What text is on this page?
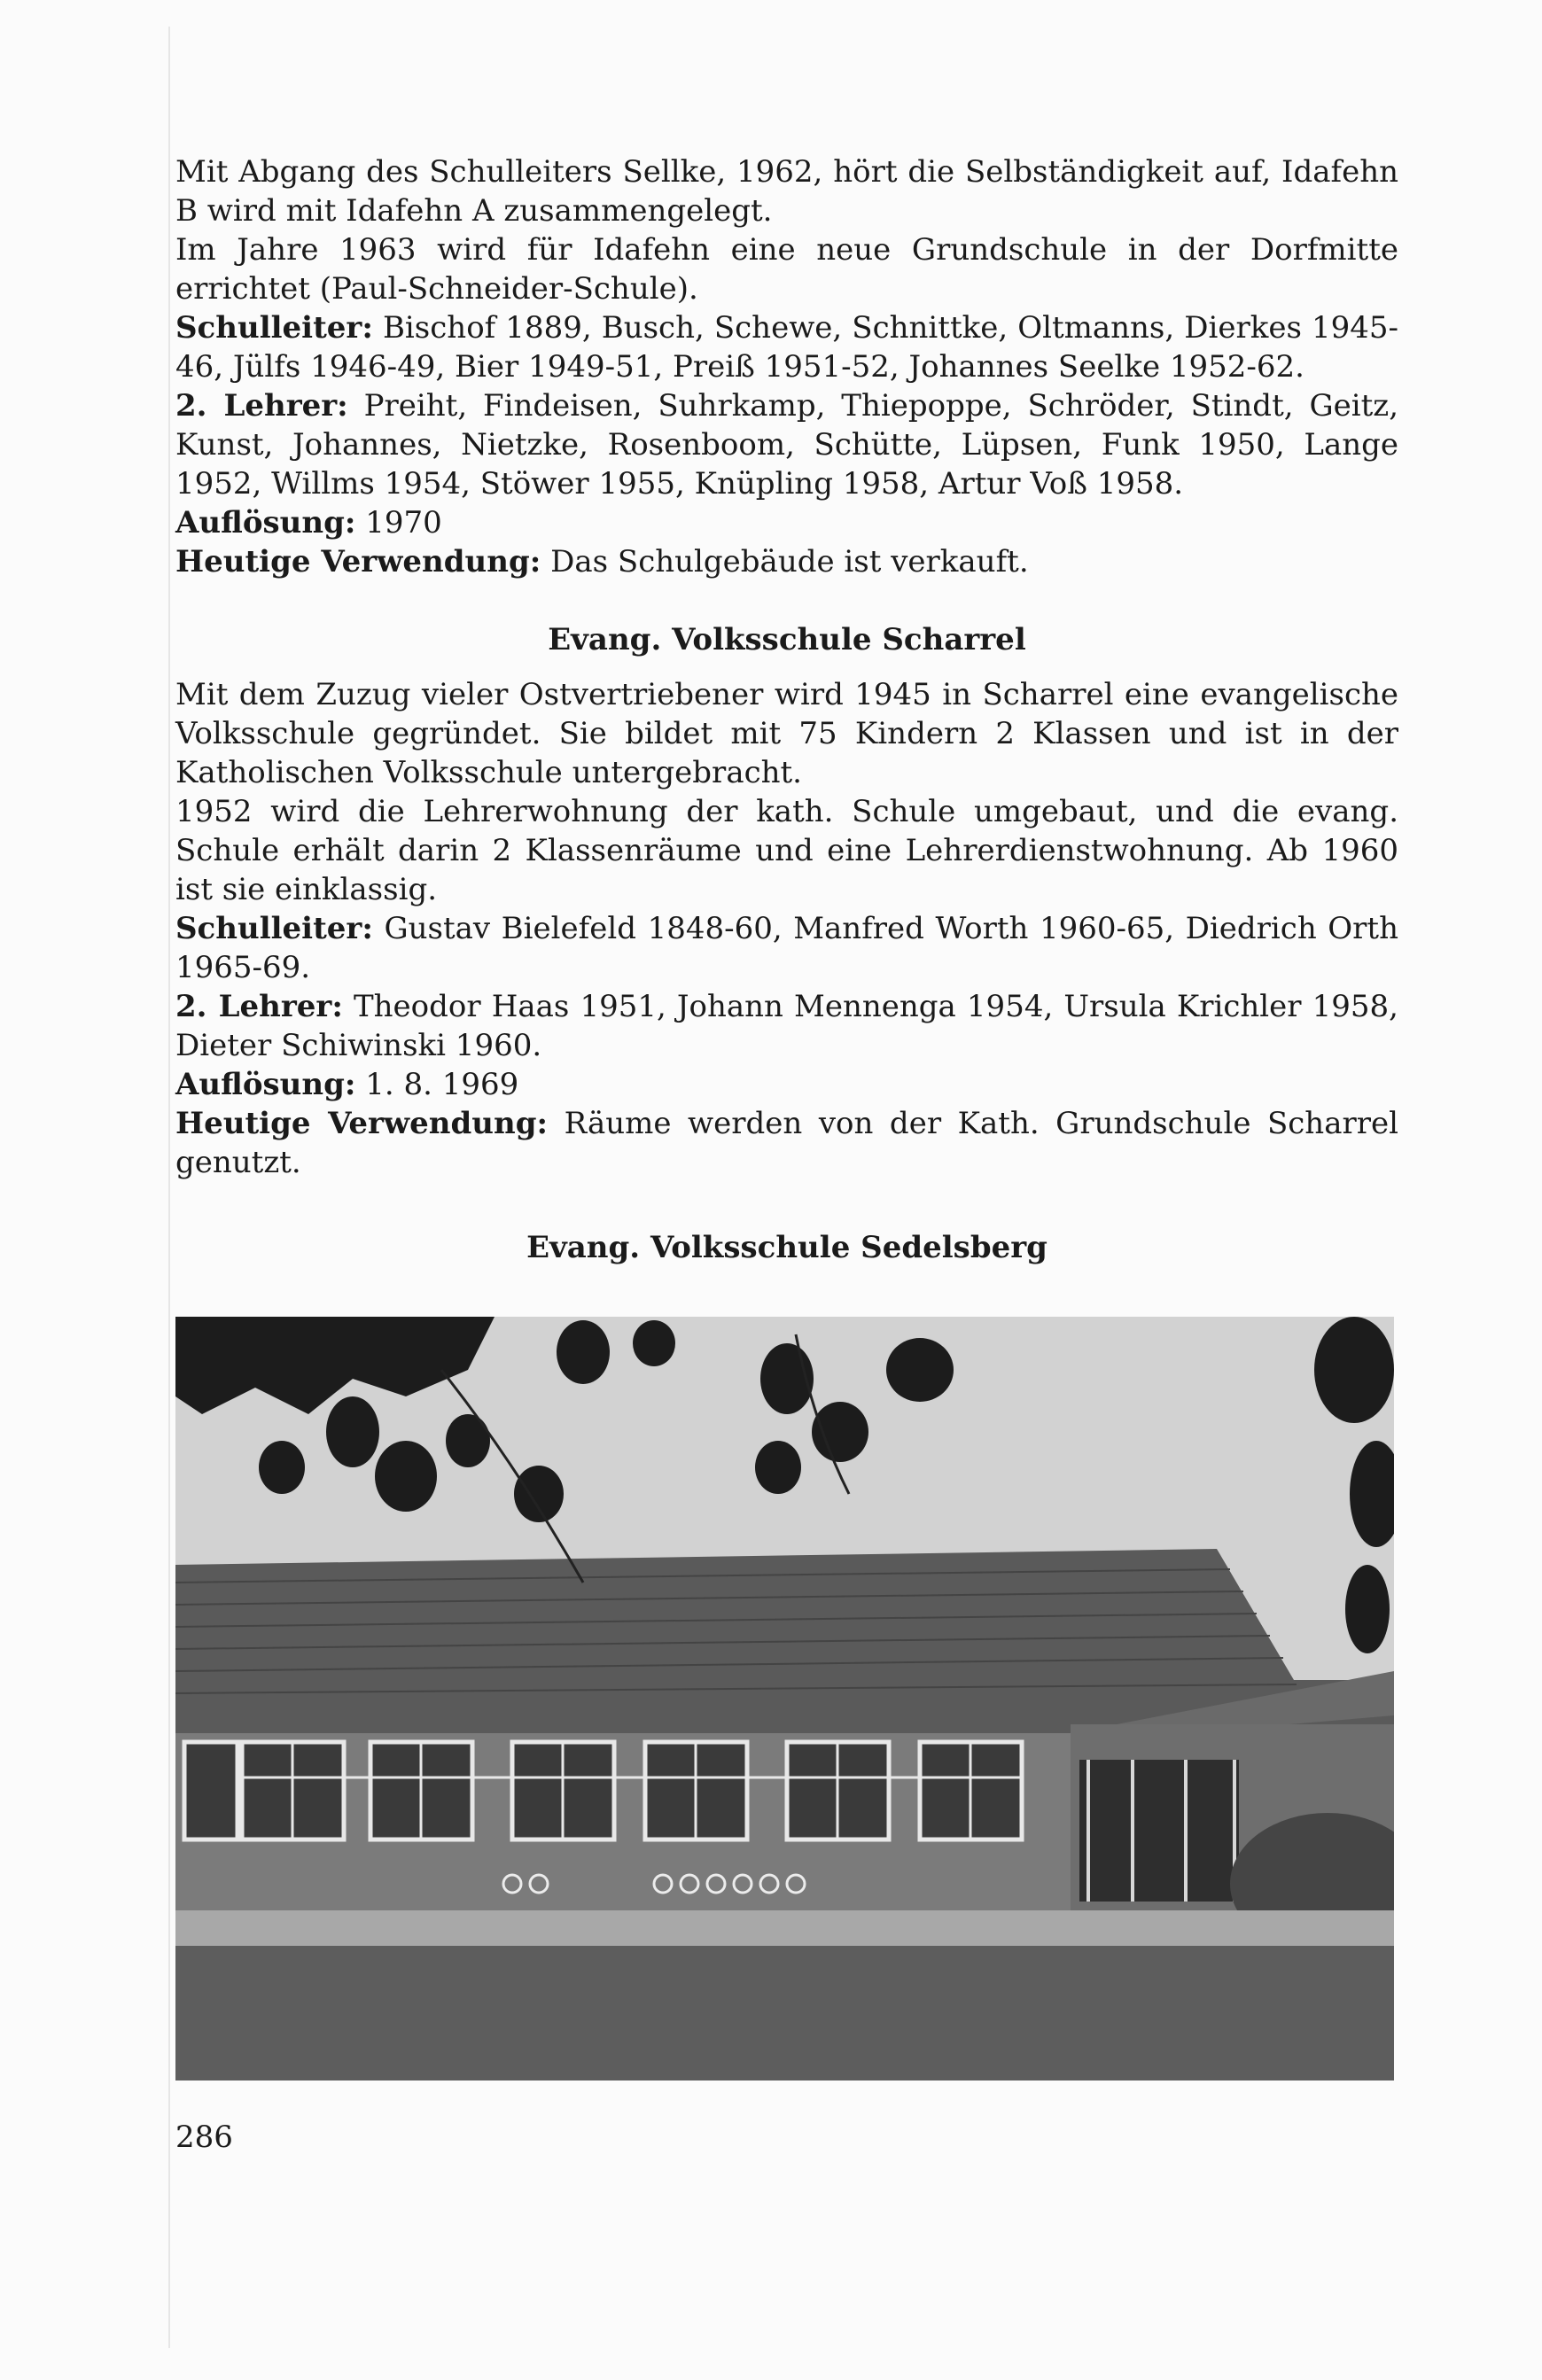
Mit Abgang des Schulleiters Sellke, 1962, hört die Selbständigkeit auf, Idafehn B wird mit Idafehn A zusammengelegt.

Im Jahre 1963 wird für Idafehn eine neue Grundschule in der Dorfmitte errichtet (Paul-Schneider-Schule).

Schulleiter: Bischof 1889, Busch, Schewe, Schnittke, Oltmanns, Dierkes 1945-46, Jülfs 1946-49, Bier 1949-51, Preiß 1951-52, Johannes Seelke 1952-62.

2. Lehrer: Preiht, Findeisen, Suhrkamp, Thiepoppe, Schröder, Stindt, Geitz, Kunst, Johannes, Nietzke, Rosenboom, Schütte, Lüpsen, Funk 1950, Lange 1952, Willms 1954, Stöwer 1955, Knüpling 1958, Artur Voß 1958.

Auflösung: 1970

Heutige Verwendung: Das Schulgebäude ist verkauft.

Evang. Volksschule Scharrel

Mit dem Zuzug vieler Ostvertriebener wird 1945 in Scharrel eine evangelische Volksschule gegründet. Sie bildet mit 75 Kindern 2 Klassen und ist in der Katholischen Volksschule untergebracht.

1952 wird die Lehrerwohnung der kath. Schule umgebaut, und die evang. Schule erhält darin 2 Klassenräume und eine Lehrerdienstwohnung. Ab 1960 ist sie einklassig.

Schulleiter: Gustav Bielefeld 1848-60, Manfred Worth 1960-65, Diedrich Orth 1965-69.

2. Lehrer: Theodor Haas 1951, Johann Mennenga 1954, Ursula Krichler 1958, Dieter Schiwinski 1960.

Auflösung: 1. 8. 1969

Heutige Verwendung: Räume werden von der Kath. Grundschule Scharrel genutzt.

Evang. Volksschule Sedelsberg
286
